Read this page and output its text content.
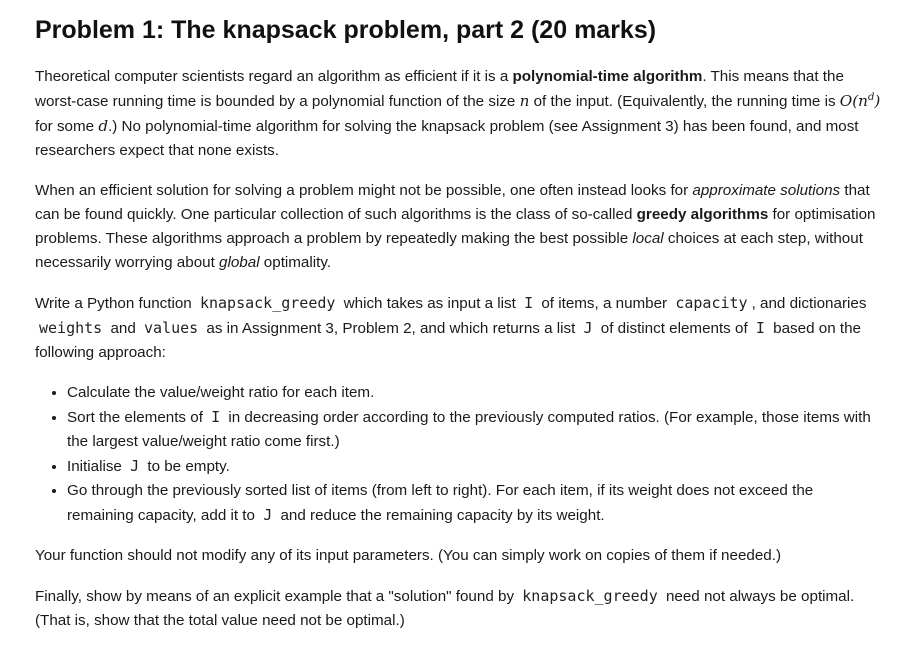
Problem 1: The knapsack problem, part 2 (20 marks)

Theoretical computer scientists regard an algorithm as efficient if it is a polynomial-time algorithm. This means that the worst-case running time is bounded by a polynomial function of the size n of the input. (Equivalently, the running time is $O(n^d)$ for some d.) No polynomial-time algorithm for solving the knapsack problem (see Assignment 3) has been found, and most researchers expect that none exists.

When an efficient solution for solving a problem might not be possible, one often instead looks for approximate solutions that can be found quickly. One particular collection of such algorithms is the class of so-called greedy algorithms for optimisation problems. These algorithms approach a problem by repeatedly making the best possible local choices at each step, without necessarily worrying about global optimality.

Write a Python function knapsack_greedy which takes as input a list I of items, a number capacity , and dictionaries weights and values as in Assignment 3, Problem 2, and which returns a list J of distinct elements of I based on the following approach:

• Calculate the value/weight ratio for each item.
• Sort the elements of I in decreasing order according to the previously computed ratios. (For example, those items with the largest value/weight ratio come first.)
• Initialise J to be empty.
• Go through the previously sorted list of items (from left to right). For each item, if its weight does not exceed the remaining capacity, add it to J and reduce the remaining capacity by its weight.

Your function should not modify any of its input parameters. (You can simply work on copies of them if needed.)

Finally, show by means of an explicit example that a "solution" found by knapsack_greedy need not always be optimal. (That is, show that the total value need not be optimal.)
